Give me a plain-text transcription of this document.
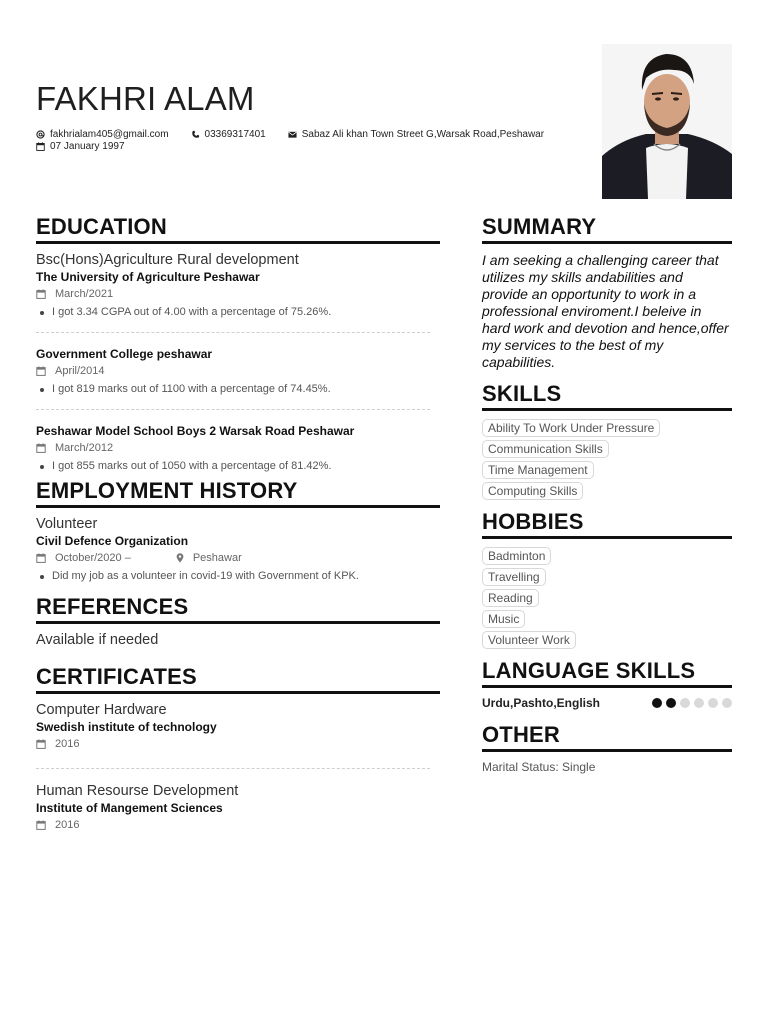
FAKHRI ALAM
fakhrialam405@gmail.com	03369317401	Sabaz Ali khan Town Street G,Warsak Road,Peshawar
07 January 1997
EDUCATION
Bsc(Hons)Agriculture Rural development
The University of Agriculture Peshawar
March/2021
I got 3.34 CGPA out of 4.00 with a percentage of 75.26%.
Government College peshawar
April/2014
I got 819 marks out of 1100 with a percentage of 74.45%.
Peshawar Model School Boys 2 Warsak Road Peshawar
March/2012
I got 855 marks out of 1050 with a percentage of 81.42%.
EMPLOYMENT HISTORY
Volunteer
Civil Defence Organization
October/2020 –	Peshawar
Did my job as a volunteer in covid-19 with Government of KPK.
REFERENCES
Available if needed
CERTIFICATES
Computer Hardware
Swedish institute of technology
2016
Human Resourse Development
Institute of Mangement Sciences
2016
SUMMARY
I am seeking a challenging career that utilizes my skills andabilities and provide an opportunity to work in a professional enviroment.I beleive in hard work and devotion and hence,offer my services to the best of my capabilities.
SKILLS
Ability To Work Under Pressure
Communication Skills
Time Management
Computing Skills
HOBBIES
Badminton
Travelling
Reading
Music
Volunteer Work
LANGUAGE SKILLS
Urdu,Pashto,English
OTHER
Marital Status: Single
